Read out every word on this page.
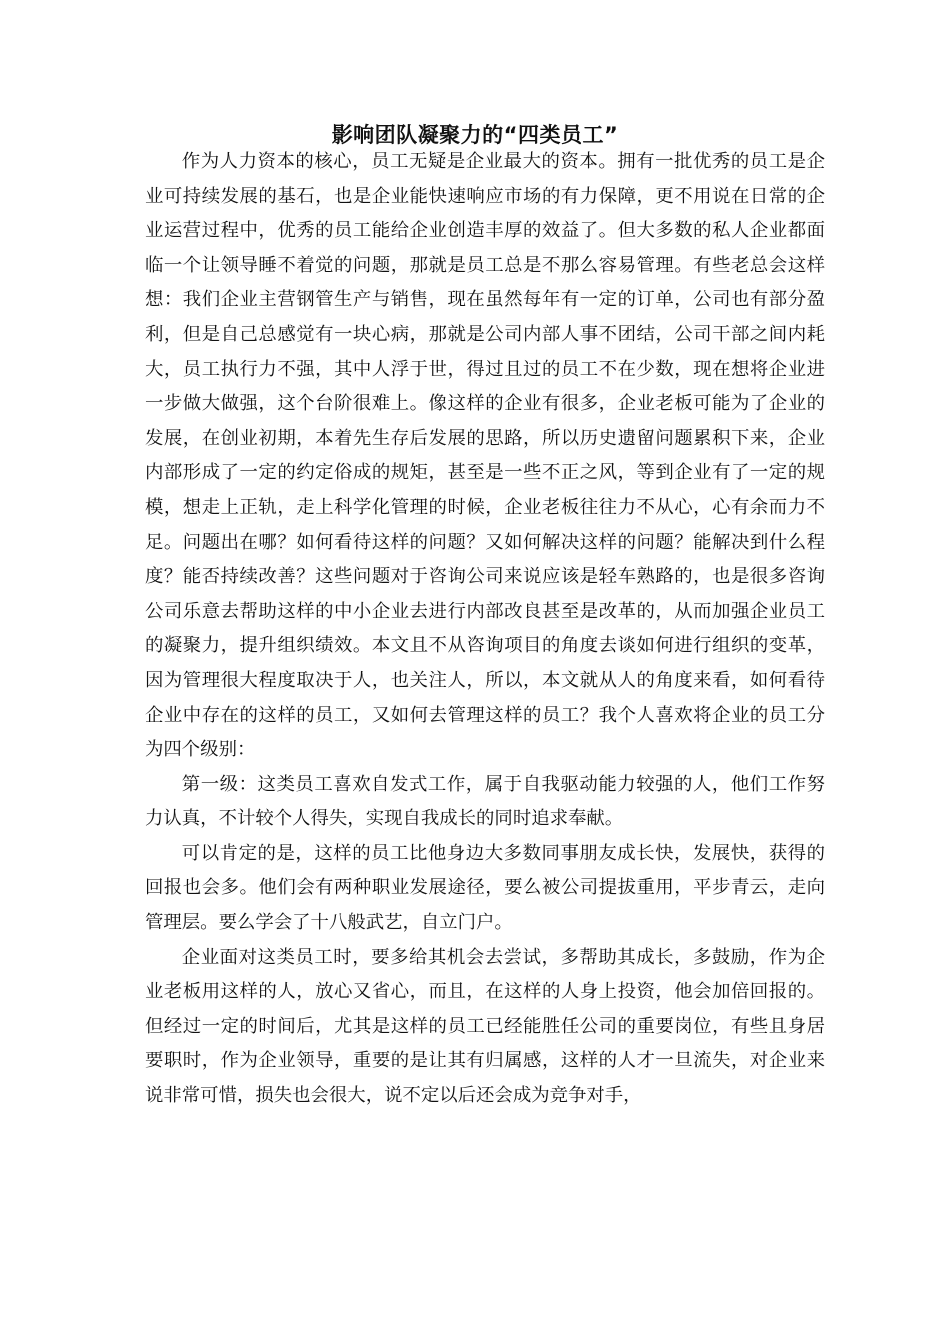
影响团队凝聚力的“四类员工”

作为人力资本的核心，员工无疑是企业最大的资本。拥有一批优秀的员工是企业可持续发展的基石，也是企业能快速响应市场的有力保障，更不用说在日常的企业运营过程中，优秀的员工能给企业创造丰厚的效益了。但大多数的私人企业都面临一个让领导睡不着觉的问题，那就是员工总是不那么容易管理。有些老总会这样想：我们企业主营钢管生产与销售，现在虽然每年有一定的订单，公司也有部分盈利，但是自己总感觉有一块心病，那就是公司内部人事不团结，公司干部之间内耗大，员工执行力不强，其中人浮于世，得过且过的员工不在少数，现在想将企业进一步做大做强，这个台阶很难上。像这样的企业有很多，企业老板可能为了企业的发展，在创业初期，本着先生存后发展的思路，所以历史遗留问题累积下来，企业内部形成了一定的约定俗成的规矩，甚至是一些不正之风，等到企业有了一定的规模，想走上正轨，走上科学化管理的时候，企业老板往往力不从心，心有余而力不足。问题出在哪？如何看待这样的问题？又如何解决这样的问题？能解决到什么程度？能否持续改善？这些问题对于咨询公司来说应该是轻车熟路的，也是很多咨询公司乐意去帮助这样的中小企业去进行内部改良甚至是改革的，从而加强企业员工的凝聚力，提升组织绩效。本文且不从咨询项目的角度去谈如何进行组织的变革，因为管理很大程度取决于人，也关注人，所以，本文就从人的角度来看，如何看待企业中存在的这样的员工，又如何去管理这样的员工？我个人喜欢将企业的员工分为四个级别：

第一级：这类员工喜欢自发式工作，属于自我驱动能力较强的人，他们工作努力认真，不计较个人得失，实现自我成长的同时追求奉献。

可以肯定的是，这样的员工比他身边大多数同事朋友成长快，发展快，获得的回报也会多。他们会有两种职业发展途径，要么被公司提拔重用，平步青云，走向管理层。要么学会了十八般武艺，自立门户。

企业面对这类员工时，要多给其机会去尝试，多帮助其成长，多鼓励，作为企业老板用这样的人，放心又省心，而且，在这样的人身上投资，他会加倍回报的。但经过一定的时间后，尤其是这样的员工已经能胜任公司的重要岗位，有些且身居要职时，作为企业领导，重要的是让其有归属感，这样的人才一旦流失，对企业来说非常可惜，损失也会很大，说不定以后还会成为竞争对手，
